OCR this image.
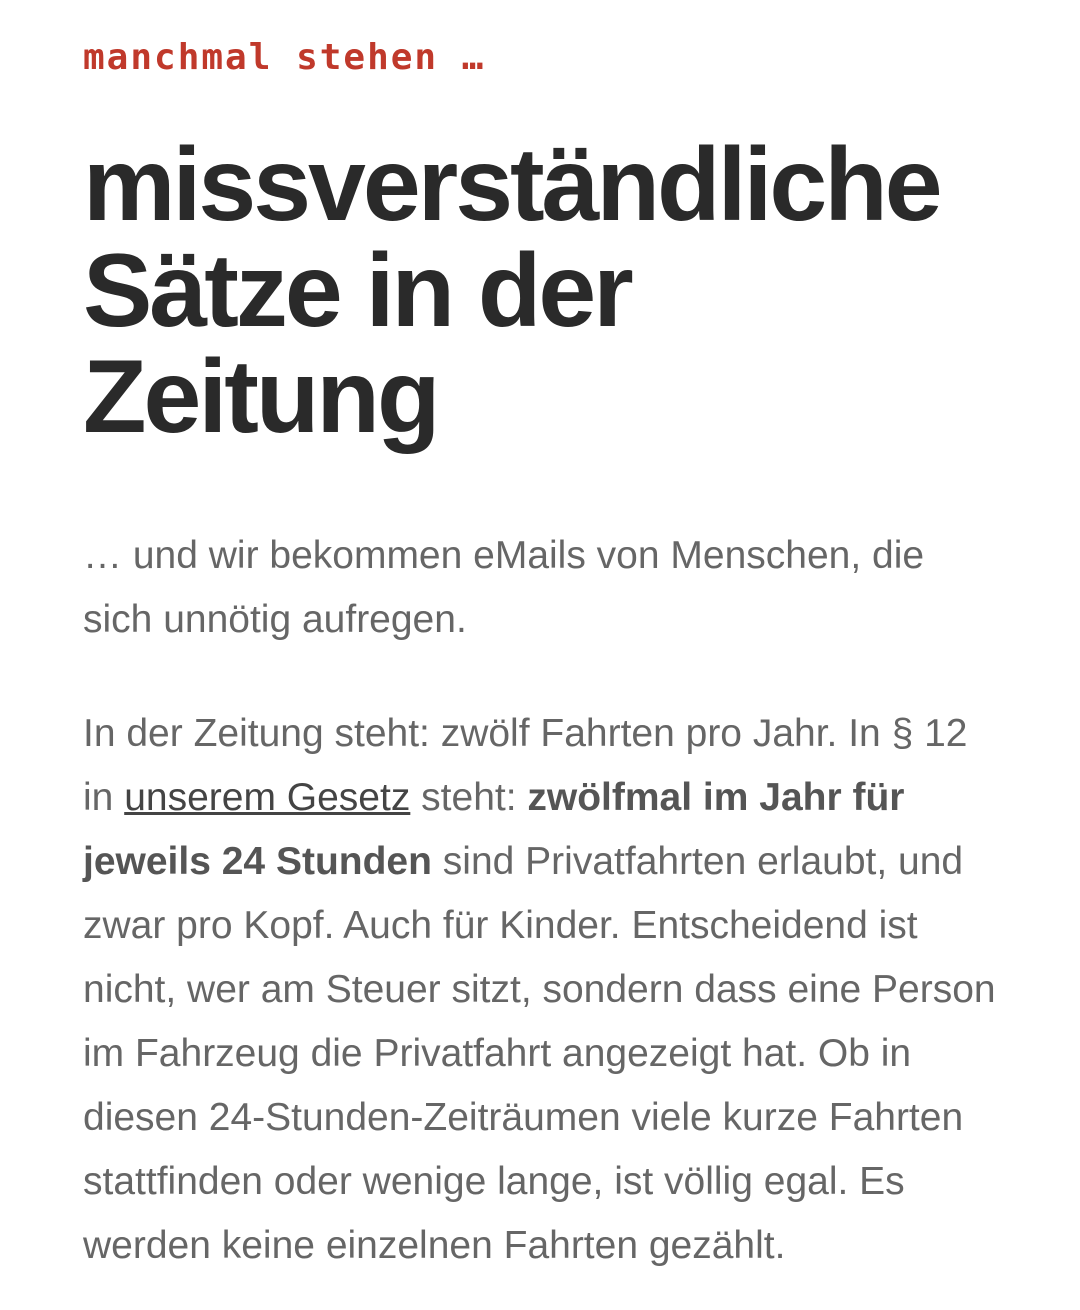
manchmal stehen …

missverständliche
Sätze in der
Zeitung

… und wir bekommen eMails von Menschen, die sich unnötig aufregen.

In der Zeitung steht: zwölf Fahrten pro Jahr. In § 12 in unserem Gesetz steht: zwölfmal im Jahr für jeweils 24 Stunden sind Privatfahrten erlaubt, und zwar pro Kopf. Auch für Kinder. Entscheidend ist nicht, wer am Steuer sitzt, sondern dass eine Person im Fahrzeug die Privatfahrt angezeigt hat. Ob in diesen 24-Stunden-Zeiträumen viele kurze Fahrten stattfinden oder wenige lange, ist völlig egal. Es werden keine einzelnen Fahrten gezählt.
